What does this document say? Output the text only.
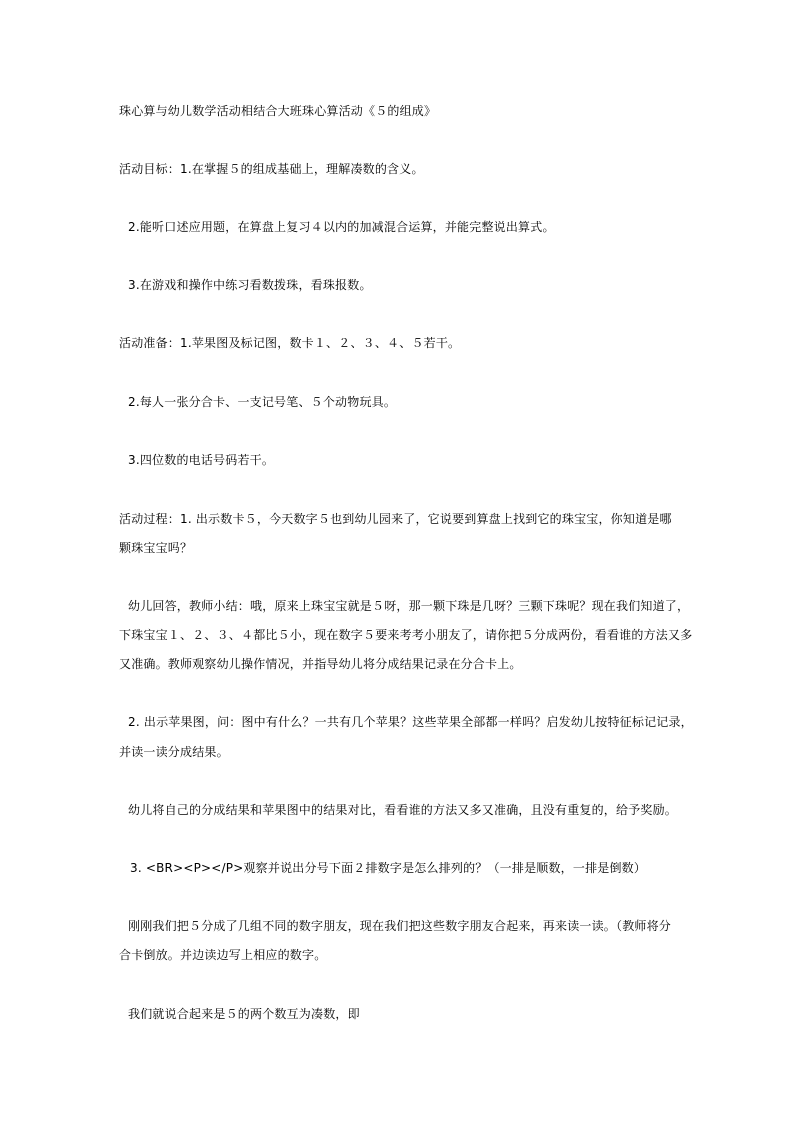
珠心算与幼儿数学活动相结合大班珠心算活动《５的组成》
活动目标：1.在掌握５的组成基础上，理解凑数的含义。
2.能听口述应用题，在算盘上复习４以内的加减混合运算，并能完整说出算式。
3.在游戏和操作中练习看数拨珠，看珠报数。
活动准备：1.苹果图及标记图，数卡１、２、３、４、５若干。
2.每人一张分合卡、一支记号笔、５个动物玩具。
3.四位数的电话号码若干。
活动过程：1. 出示数卡５，今天数字５也到幼儿园来了，它说要到算盘上找到它的珠宝宝，你知道是哪
颗珠宝宝吗？
幼儿回答，教师小结：哦，原来上珠宝宝就是５呀，那一颗下珠是几呀？三颗下珠呢？现在我们知道了，
下珠宝宝１、２、３、４都比５小，现在数字５要来考考小朋友了，请你把５分成两份，看看谁的方法又多
又准确。教师观察幼儿操作情况，并指导幼儿将分成结果记录在分合卡上。
2. 出示苹果图，问：图中有什么？一共有几个苹果？这些苹果全部都一样吗？启发幼儿按特征标记记录，
并读一读分成结果。
幼儿将自己的分成结果和苹果图中的结果对比，看看谁的方法又多又准确，且没有重复的，给予奖励。
3. <BR><P></P>观察并说出分号下面２排数字是怎么排列的？（一排是顺数，一排是倒数）
刚刚我们把５分成了几组不同的数字朋友，现在我们把这些数字朋友合起来，再来读一读。（教师将分
合卡倒放。并边读边写上相应的数字。
我们就说合起来是５的两个数互为凑数，即
